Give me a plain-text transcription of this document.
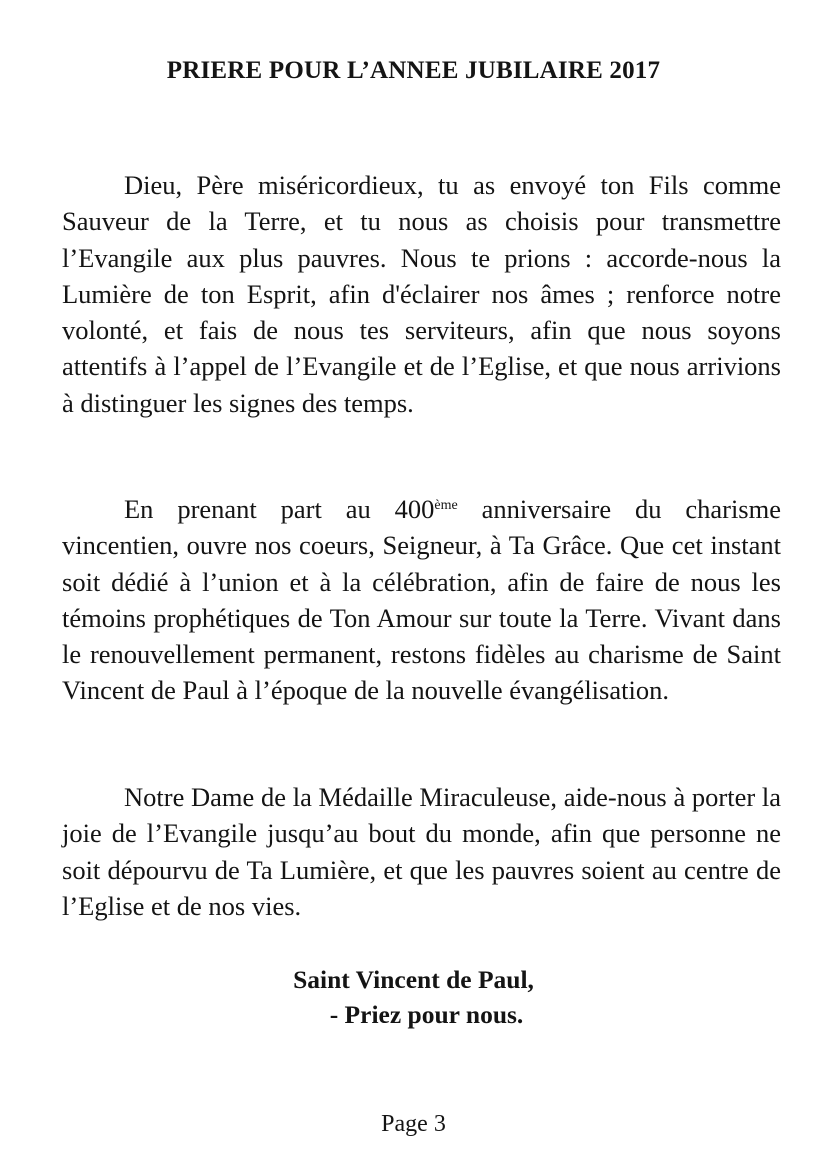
PRIERE POUR L’ANNEE JUBILAIRE 2017

Dieu, Père miséricordieux, tu as envoyé ton Fils comme Sauveur de la Terre, et tu nous as choisis pour transmettre l’Evangile aux plus pauvres. Nous te prions : accorde-nous la Lumière de ton Esprit, afin d'éclairer nos âmes ; renforce notre volonté, et fais de nous tes serviteurs, afin que nous soyons attentifs à l’appel de l’Evangile et de l’Eglise, et que nous arrivions à distinguer les signes des temps.

En prenant part au 400ème anniversaire du charisme vincentien, ouvre nos coeurs, Seigneur, à Ta Grâce. Que cet instant soit dédié à l’union et à la célébration, afin de faire de nous les témoins prophétiques de Ton Amour sur toute la Terre. Vivant dans le renouvellement permanent, restons fidèles au charisme de Saint Vincent de Paul à l’époque de la nouvelle évangélisation.

Notre Dame de la Médaille Miraculeuse, aide-nous à porter la joie de l’Evangile jusqu’au bout du monde, afin que personne ne soit dépourvu de Ta Lumière, et que les pauvres soient au centre de l’Eglise et de nos vies.

Saint Vincent de Paul,
- Priez pour nous.
Page 3
